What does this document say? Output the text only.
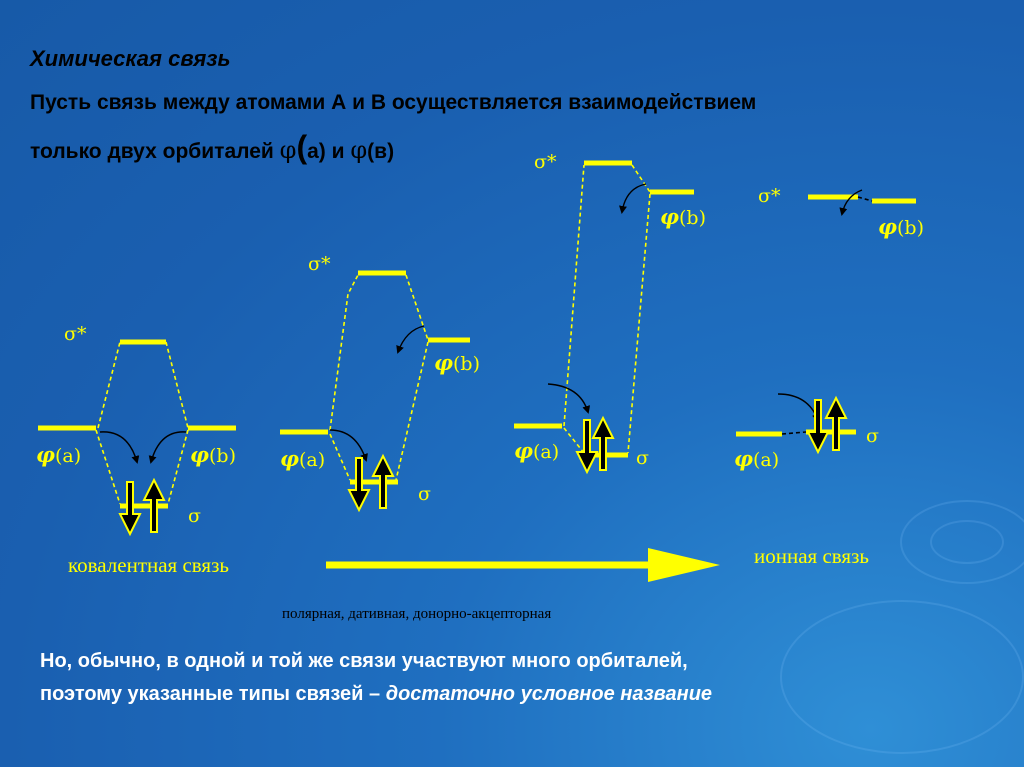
Химическая связь

Пусть связь между атомами А и В осуществляется взаимодействием

только двух орбиталей φ(а) и φ(в)

σ*
σ
φ(a)	φ(b)
σ*
σ
φ(a)
φ(b)
σ*
σ
φ(a)
φ(b)
σ*
σ
φ(a)
φ(b)
ковалентная связь	ионная связь
полярная, дативная, донорно-акцепторная

Но, обычно, в одной и той же связи участвуют много орбиталей,

поэтому указанные типы связей – достаточно условное название
